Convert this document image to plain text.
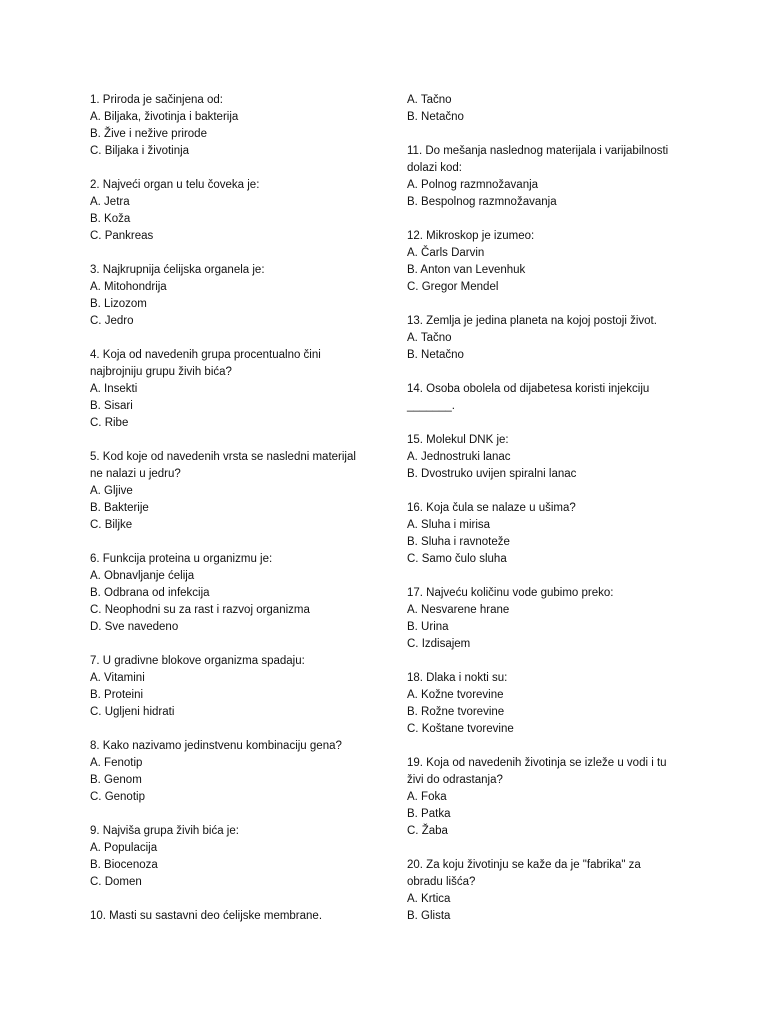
1. Priroda je sačinjena od:
A. Biljaka, životinja i bakterija
B. Žive i nežive prirode
C. Biljaka i životinja
2. Najveći organ u telu čoveka je:
A. Jetra
B. Koža
C. Pankreas
3. Najkrupnija ćelijska organela je:
A. Mitohondrija
B. Lizozom
C. Jedro
4. Koja od navedenih grupa procentualno čini
najbrojniju grupu živih bića?
A. Insekti
B. Sisari
C. Ribe
5. Kod koje od navedenih vrsta se nasledni materijal
ne nalazi u jedru?
A. Gljive
B. Bakterije
C. Biljke
6. Funkcija proteina u organizmu je:
A. Obnavljanje ćelija
B. Odbrana od infekcija
C. Neophodni su za rast i razvoj organizma
D. Sve navedeno
7. U gradivne blokove organizma spadaju:
A. Vitamini
B. Proteini
C. Ugljeni hidrati
8. Kako nazivamo jedinstvenu kombinaciju gena?
A. Fenotip
B. Genom
C. Genotip
9. Najviša grupa živih bića je:
A. Populacija
B. Biocenoza
C. Domen
10. Masti su sastavni deo ćelijske membrane.
A. Tačno
B. Netačno
11. Do mešanja naslednog materijala i varijabilnosti
dolazi kod:
A. Polnog razmnožavanja
B. Bespolnog razmnožavanja
12. Mikroskop je izumeo:
A. Čarls Darvin
B. Anton van Levenhuk
C. Gregor Mendel
13. Zemlja je jedina planeta na kojoj postoji život.
A. Tačno
B. Netačno
14. Osoba obolela od dijabetesa koristi injekciju
_______.
15. Molekul DNK je:
A. Jednostruki lanac
B. Dvostruko uvijen spiralni lanac
16. Koja čula se nalaze u ušima?
A. Sluha i mirisa
B. Sluha i ravnoteže
C. Samo čulo sluha
17. Najveću količinu vode gubimo preko:
A. Nesvarene hrane
B. Urina
C. Izdisajem
18. Dlaka i nokti su:
A. Kožne tvorevine
B. Rožne tvorevine
C. Koštane tvorevine
19. Koja od navedenih životinja se izleže u vodi i tu
živi do odrastanja?
A. Foka
B. Patka
C. Žaba
20. Za koju životinju se kaže da je "fabrika" za
obradu lišća?
A. Krtica
B. Glista
